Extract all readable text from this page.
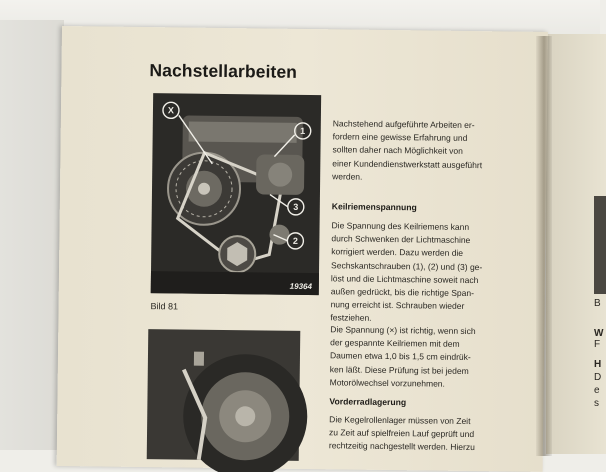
B
W
F
H
D
e
s
Nachstellarbeiten
X
1
3
2
19364
Bild 81

Nachstehend aufgeführte Arbeiten er-

fordern eine gewisse Erfahrung und

sollten daher nach Möglichkeit von

einer Kundendienstwerkstatt ausgeführt

werden.

Keilriemenspannung

Die Spannung des Keilriemens kann

durch Schwenken der Lichtmaschine

korrigiert werden. Dazu werden die

Sechskantschrauben (1), (2) und (3) ge-

löst und die Lichtmaschine soweit nach

außen gedrückt, bis die richtige Span-

nung erreicht ist. Schrauben wieder

festziehen.

Die Spannung (×) ist richtig, wenn sich

der gespannte Keilriemen mit dem

Daumen etwa 1,0 bis 1,5 cm eindrük-

ken läßt. Diese Prüfung ist bei jedem

Motorölwechsel vorzunehmen.

Vorderradlagerung

Die Kegelrollenlager müssen von Zeit

zu Zeit auf spielfreien Lauf geprüft und

rechtzeitig nachgestellt werden. Hierzu
